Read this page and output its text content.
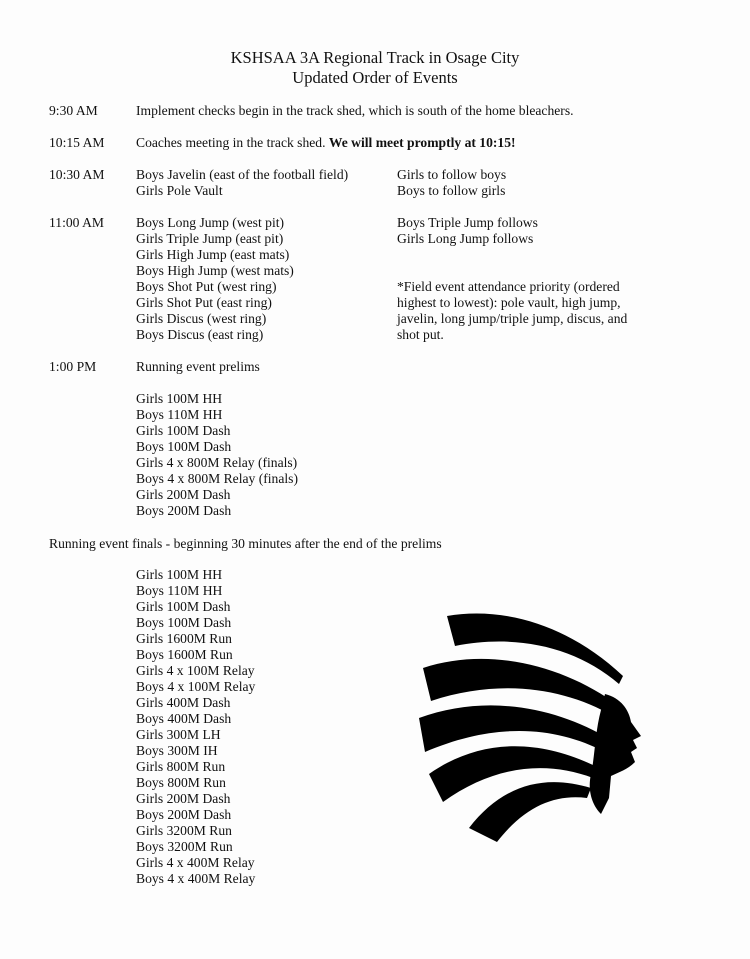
KSHSAA 3A Regional Track in Osage City
Updated Order of Events
9:30 AM	Implement checks begin in the track shed, which is south of the home bleachers.
10:15 AM Coaches meeting in the track shed. We will meet promptly at 10:15!
10:30 AM Boys Javelin (east of the football field)
Girls Pole Vault
Girls to follow boys
Boys to follow girls
11:00 AM Boys Long Jump (west pit)
Girls Triple Jump (east pit)
Girls High Jump (east mats)
Boys High Jump (west mats)
Boys Shot Put (west ring)
Girls Shot Put (east ring)
Girls Discus (west ring)
Boys Discus (east ring)
Boys Triple Jump follows
Girls Long Jump follows
*Field event attendance priority (ordered highest to lowest): pole vault, high jump, javelin, long jump/triple jump, discus, and shot put.
1:00 PM	Running event prelims
Girls 100M HH
Boys 110M HH
Girls 100M Dash
Boys 100M Dash
Girls 4 x 800M Relay (finals)
Boys 4 x 800M Relay (finals)
Girls 200M Dash
Boys 200M Dash
Running event finals - beginning 30 minutes after the end of the prelims
Girls 100M HH
Boys 110M HH
Girls 100M Dash
Boys 100M Dash
Girls 1600M Run
Boys 1600M Run
Girls 4 x 100M Relay
Boys 4 x 100M Relay
Girls 400M Dash
Boys 400M Dash
Girls 300M LH
Boys 300M IH
Girls 800M Run
Boys 800M Run
Girls 200M Dash
Boys 200M Dash
Girls 3200M Run
Boys 3200M Run
Girls 4 x 400M Relay
Boys 4 x 400M Relay
